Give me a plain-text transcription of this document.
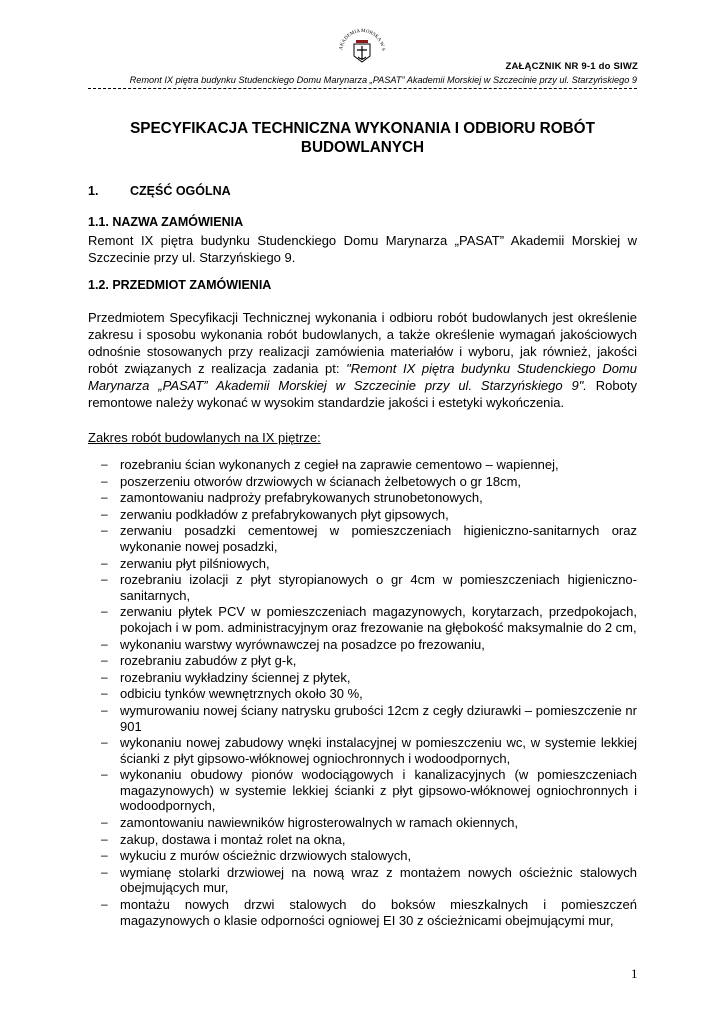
AKADEMIA MORSKA W S
ZAŁĄCZNIK NR 9-1 do SIWZ
Remont IX piętra budynku Studenckiego Domu Marynarza „PASAT” Akademii Morskiej w Szczecinie przy ul. Starzyńskiego 9
SPECYFIKACJA TECHNICZNA WYKONANIA I ODBIORU ROBÓT
BUDOWLANYCH
1.	CZĘŚĆ OGÓLNA
1.1. NAZWA ZAMÓWIENIA
Remont IX piętra budynku Studenckiego Domu Marynarza „PASAT” Akademii Morskiej w Szczecinie przy ul. Starzyńskiego 9.
1.2. PRZEDMIOT ZAMÓWIENIA
Przedmiotem Specyfikacji Technicznej wykonania i odbioru robót budowlanych jest określenie zakresu i sposobu wykonania robót budowlanych, a także określenie wymagań jakościowych odnośnie stosowanych przy realizacji zamówienia materiałów i wyboru, jak również, jakości robót związanych z realizacja zadania pt: "Remont IX piętra budynku Studenckiego Domu Marynarza „PASAT” Akademii Morskiej w Szczecinie przy ul. Starzyńskiego 9". Roboty remontowe należy wykonać w wysokim standardzie jakości i estetyki wykończenia.
Zakres robót budowlanych na IX piętrze:
– rozebraniu ścian wykonanych z cegieł na zaprawie cementowo – wapiennej,
– poszerzeniu otworów drzwiowych w ścianach żelbetowych o gr 18cm,
– zamontowaniu nadproży prefabrykowanych strunobetonowych,
– zerwaniu podkładów z prefabrykowanych płyt gipsowych,
– zerwaniu posadzki cementowej w pomieszczeniach higieniczno-sanitarnych oraz wykonanie nowej posadzki,
– zerwaniu płyt pilśniowych,
– rozebraniu izolacji z płyt styropianowych o gr 4cm w pomieszczeniach higieniczno-sanitarnych,
– zerwaniu płytek PCV w pomieszczeniach magazynowych, korytarzach, przedpokojach, pokojach i w pom. administracyjnym oraz frezowanie na głębokość maksymalnie do 2 cm,
– wykonaniu warstwy wyrównawczej na posadzce po frezowaniu,
– rozebraniu zabudów z płyt g-k,
– rozebraniu wykładziny ściennej z płytek,
– odbiciu tynków wewnętrznych około 30 %,
– wymurowaniu nowej ściany natrysku grubości 12cm z cegły dziurawki – pomieszczenie nr 901
– wykonaniu nowej zabudowy wnęki instalacyjnej w pomieszczeniu wc, w systemie lekkiej ścianki z płyt gipsowo-włóknowej ogniochronnych i wodoodpornych,
– wykonaniu obudowy pionów wodociągowych i kanalizacyjnych (w pomieszczeniach magazynowych) w systemie lekkiej ścianki z płyt gipsowo-włóknowej ogniochronnych i wodoodpornych,
– zamontowaniu nawiewników higrosterowalnych w ramach okiennych,
– zakup, dostawa i montaż rolet na okna,
– wykuciu z murów ościeżnic drzwiowych stalowych,
– wymianę stolarki drzwiowej na nową wraz z montażem nowych ościeżnic stalowych obejmujących mur,
– montażu nowych drzwi stalowych do boksów mieszkalnych i pomieszczeń magazynowych o klasie odporności ogniowej EI 30 z ościeżnicami obejmującymi mur,
1
